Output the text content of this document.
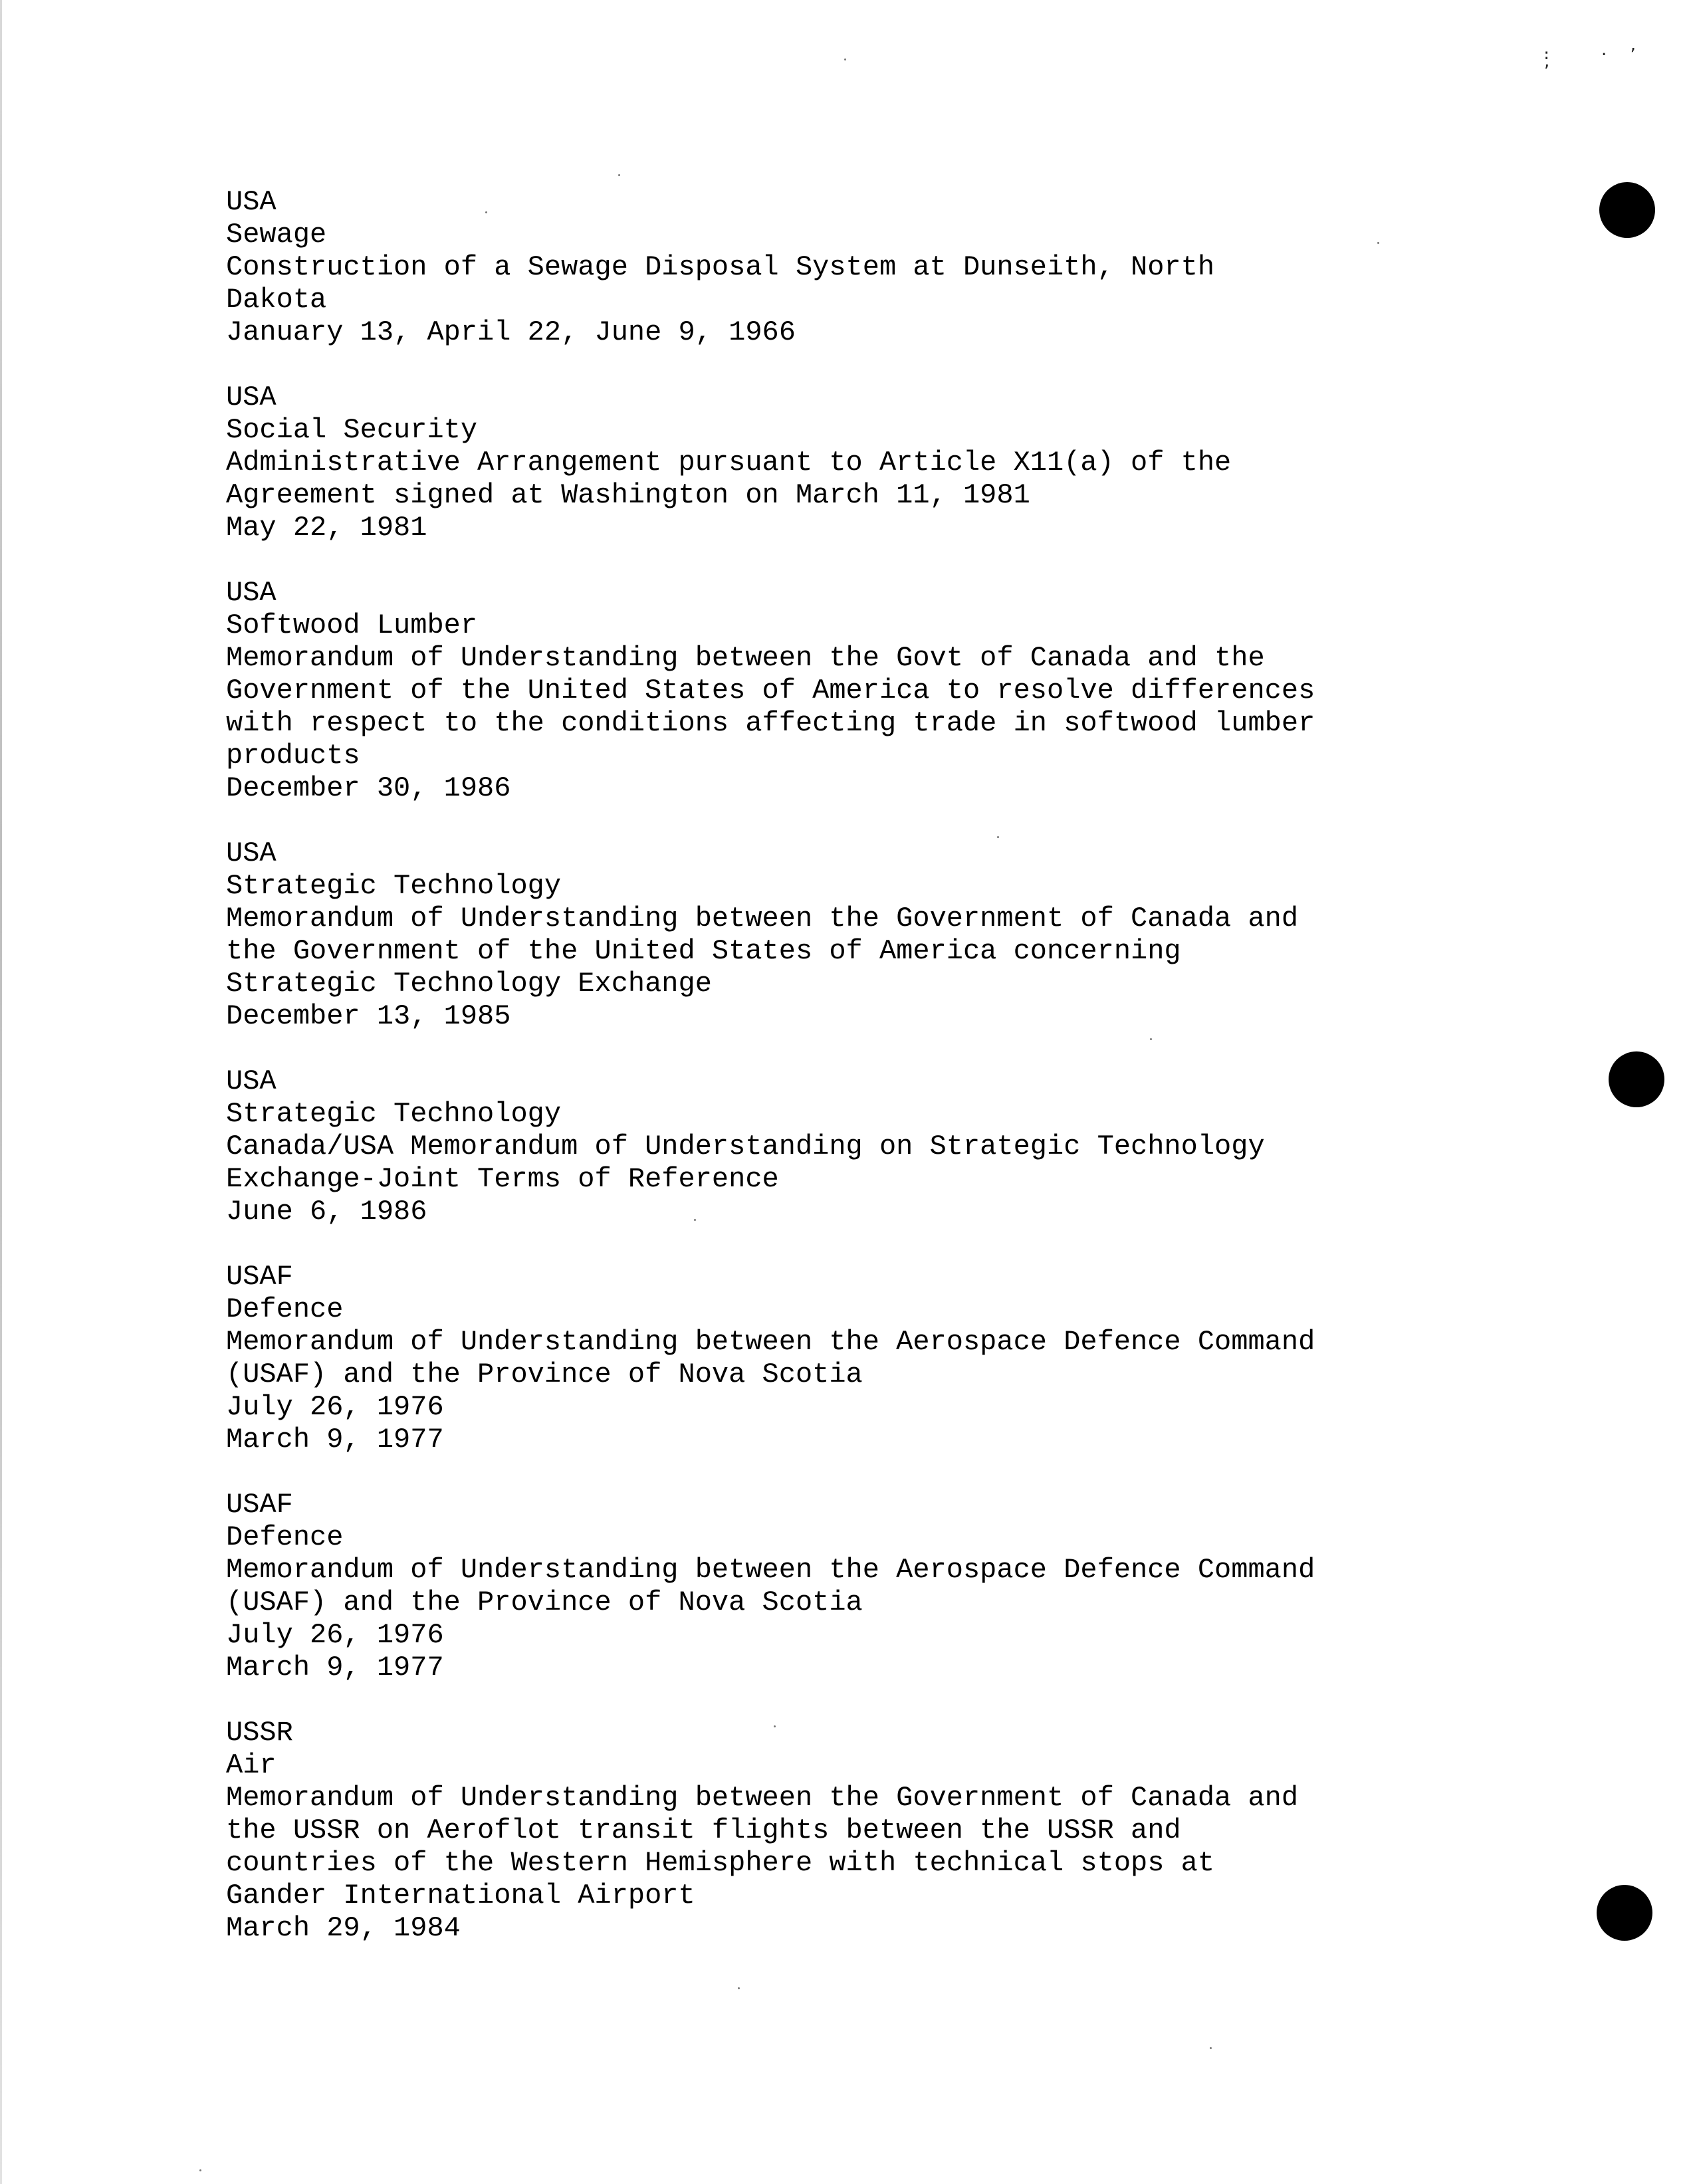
: ·’ ’
USA
Sewage
Construction of a Sewage Disposal System at Dunseith, North
Dakota
January 13, April 22, June 9, 1966
USA
Social Security
Administrative Arrangement pursuant to Article X11(a) of the
Agreement signed at Washington on March 11, 1981
May 22, 1981
USA
Softwood Lumber
Memorandum of Understanding between the Govt of Canada and the
Government of the United States of America to resolve differences
with respect to the conditions affecting trade in softwood lumber
products
December 30, 1986
USA
Strategic Technology
Memorandum of Understanding between the Government of Canada and
the Government of the United States of America concerning
Strategic Technology Exchange
December 13, 1985
USA
Strategic Technology
Canada/USA Memorandum of Understanding on Strategic Technology
Exchange-Joint Terms of Reference
June 6, 1986
USAF
Defence
Memorandum of Understanding between the Aerospace Defence Command
(USAF) and the Province of Nova Scotia
July 26, 1976
March 9, 1977
USAF
Defence
Memorandum of Understanding between the Aerospace Defence Command
(USAF) and the Province of Nova Scotia
July 26, 1976
March 9, 1977
USSR
Air
Memorandum of Understanding between the Government of Canada and
the USSR on Aeroflot transit flights between the USSR and
countries of the Western Hemisphere with technical stops at
Gander International Airport
March 29, 1984
